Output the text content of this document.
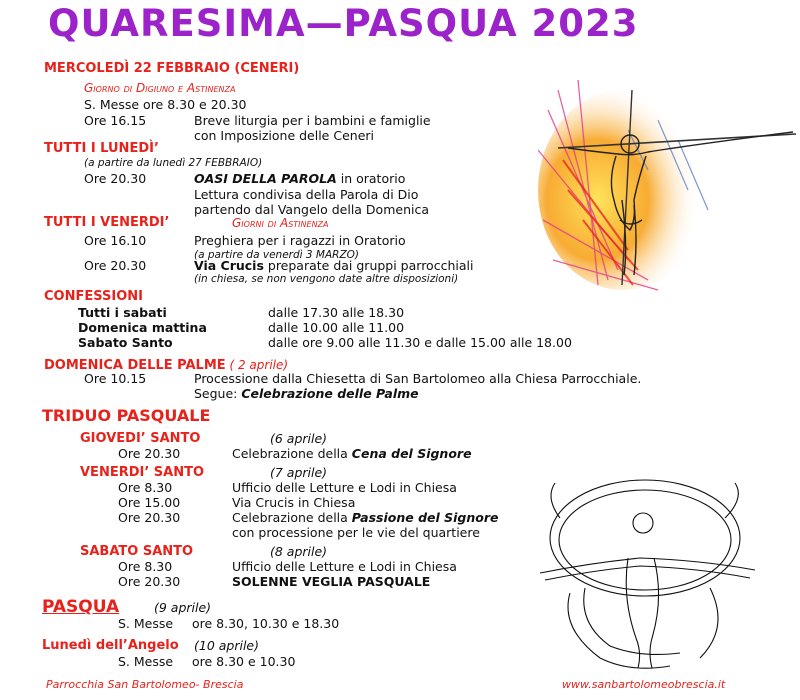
QUARESIMA—PASQUA 2023
MERCOLEDÌ 22 FEBBRAIO (CENERI)
Giorno di Digiuno e Astinenza
S. Messe ore 8.30 e 20.30
Ore 16.15	Breve liturgia per i bambini e famiglie
con Imposizione delle Ceneri
TUTTI I LUNEDÌ’
(a partire da lunedì 27 FEBBRAIO)
Ore 20.30	OASI DELLA PAROLA in oratorio
Lettura condivisa della Parola di Dio
partendo dal Vangelo della Domenica
TUTTI I VENERDI’	Giorni di Astinenza
Ore 16.10	Preghiera per i ragazzi in Oratorio
(a partire da venerdì 3 MARZO)
Ore 20.30	Via Crucis preparate dai gruppi parrocchiali
(in chiesa, se non vengono date altre disposizioni)
CONFESSIONI
Tutti i sabati	dalle 17.30 alle 18.30
Domenica mattina	dalle 10.00 alle 11.00
Sabato Santo	dalle ore 9.00 alle 11.30 e dalle 15.00 alle 18.00
DOMENICA DELLE PALME ( 2 aprile)
Ore 10.15	Processione dalla Chiesetta di San Bartolomeo alla Chiesa Parrocchiale.
Segue: Celebrazione delle Palme
TRIDUO PASQUALE
GIOVEDI’ SANTO	(6 aprile)
Ore 20.30	Celebrazione della Cena del Signore
VENERDI’ SANTO	(7 aprile)
Ore 8.30	Ufficio delle Letture e Lodi in Chiesa
Ore 15.00	Via Crucis in Chiesa
Ore 20.30	Celebrazione della Passione del Signore
con processione per le vie del quartiere
SABATO SANTO	(8 aprile)
Ore 8.30	Ufficio delle Letture e Lodi in Chiesa
Ore 20.30	SOLENNE VEGLIA PASQUALE
PASQUA	(9 aprile)
S. Messe ore 8.30, 10.30 e 18.30
Lunedì dell’Angelo (10 aprile)
S. Messe ore 8.30 e 10.30
Parrocchia San Bartolomeo- Brescia	www.sanbartolomeobrescia.it
